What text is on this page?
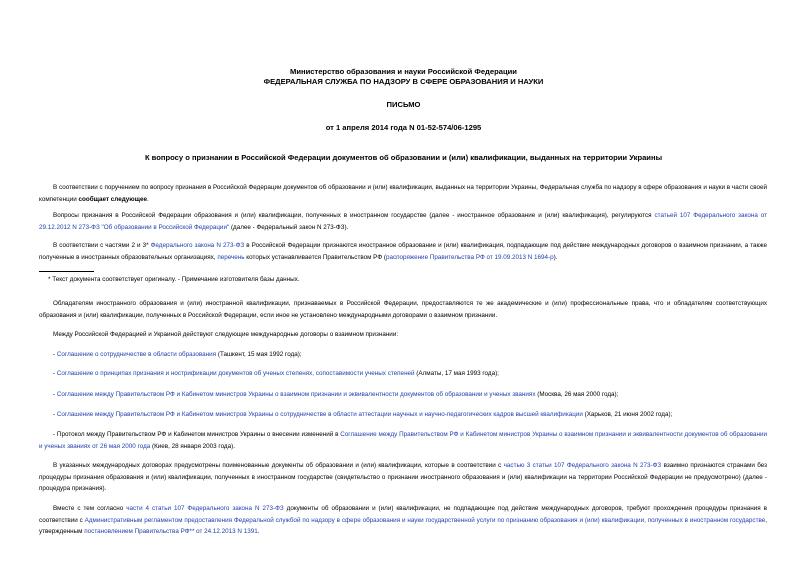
Министерство образования и науки Российской Федерации
ФЕДЕРАЛЬНАЯ СЛУЖБА ПО НАДЗОРУ В СФЕРЕ ОБРАЗОВАНИЯ И НАУКИ
ПИСЬМО
от 1 апреля 2014 года N 01-52-574/06-1295
К вопросу о признании в Российской Федерации документов об образовании и (или) квалификации, выданных на территории Украины
В соответствии с поручением по вопросу признания в Российской Федерации документов об образовании и (или) квалификации, выданных на территории Украины, Федеральная служба по надзору в сфере образования и науки в части своей компетенции сообщает следующее.
Вопросы признания в Российской Федерации образования и (или) квалификации, полученных в иностранном государстве (далее - иностранное образование и (или) квалификация), регулируются статьей 107 Федерального закона от 29.12.2012 N 273-ФЗ "Об образовании в Российской Федерации" (далее - Федеральный закон N 273-ФЗ).
В соответствии с частями 2 и 3* Федерального закона N 273-ФЗ в Российской Федерации признаются иностранное образование и (или) квалификация, подпадающие под действие международных договоров о взаимном признании, а также полученные в иностранных образовательных организациях, перечень которых устанавливается Правительством РФ (распоряжение Правительства РФ от 19.09.2013 N 1694-р).
* Текст документа соответствует оригиналу. - Примечание изготовителя базы данных.
Обладателям иностранного образования и (или) иностранной квалификации, признаваемых в Российской Федерации, предоставляются те же академические и (или) профессиональные права, что и обладателям соответствующих образования и (или) квалификации, полученных в Российской Федерации, если иное не установлено международными договорами о взаимном признании.
Между Российской Федерацией и Украиной действуют следующие международные договоры о взаимном признании:
- Соглашение о сотрудничестве в области образования (Ташкент, 15 мая 1992 года);
- Соглашение о принципах признания и нострификации документов об ученых степенях, сопоставимости ученых степеней (Алматы, 17 мая 1993 года);
- Соглашение между Правительством РФ и Кабинетом министров Украины о взаимном признании и эквивалентности документов об образовании и ученых званиях (Москва, 26 мая 2000 года);
- Соглашение между Правительством РФ и Кабинетом министров Украины о сотрудничестве в области аттестации научных и научно-педагогических кадров высшей квалификации (Харьков, 21 июня 2002 года);
- Протокол между Правительством РФ и Кабинетом министров Украины о внесении изменений в Соглашение между Правительством РФ и Кабинетом министров Украины о взаимном признании и эквивалентности документов об образовании и ученых званиях от 26 мая 2000 года (Киев, 28 января 2003 года).
В указанных международных договорах предусмотрены поименованные документы об образовании и (или) квалификации, которые в соответствии с частью 3 статьи 107 Федерального закона N 273-ФЗ взаимно признаются странами без процедуры признания образования и (или) квалификации, полученных в иностранном государстве (свидетельство о признании иностранного образования и (или) квалификации на территории Российской Федерации не предусмотрено) (далее - процедура признания).
Вместе с тем согласно части 4 статьи 107 Федерального закона N 273-ФЗ документы об образовании и (или) квалификации, не подпадающие под действие международных договоров, требуют прохождения процедуры признания в соответствии с Административным регламентом предоставления Федеральной службой по надзору в сфере образования и науки государственной услуги по признанию образования и (или) квалификации, полученных в иностранном государстве, утвержденным постановлением Правительства РФ** от 24.12.2013 N 1391.
